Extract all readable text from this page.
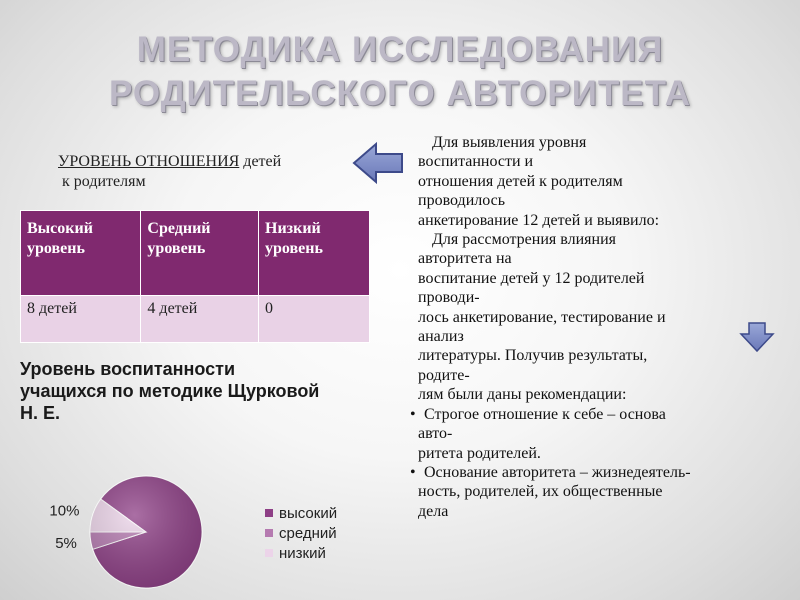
МЕТОДИКА ИССЛЕДОВАНИЯ
РОДИТЕЛЬСКОГО АВТОРИТЕТА
УРОВЕНЬ ОТНОШЕНИЯ детей
к родителям
Высокий уровень	Средний уровень	Низкий уровень
8 детей	4 детей	0
Уровень воспитанности учащихся по методике Щурковой Н. Е.
5%
10%	высокий
средний
низкий

Для выявления уровня

воспитанности и

отношения детей к родителям

проводилось

анкетирование 12 детей и выявило:

Для рассмотрения влияния

авторитета на

воспитание детей у 12 родителей

проводи-

лось анкетирование, тестирование и

анализ

литературы. Получив результаты,

родите-

лям были даны рекомендации:

• Строгое отношение к себе – основа

авто-

ритета родителей.

• Основание авторитета – жизнедеятель-

ность, родителей, их общественные

дела
